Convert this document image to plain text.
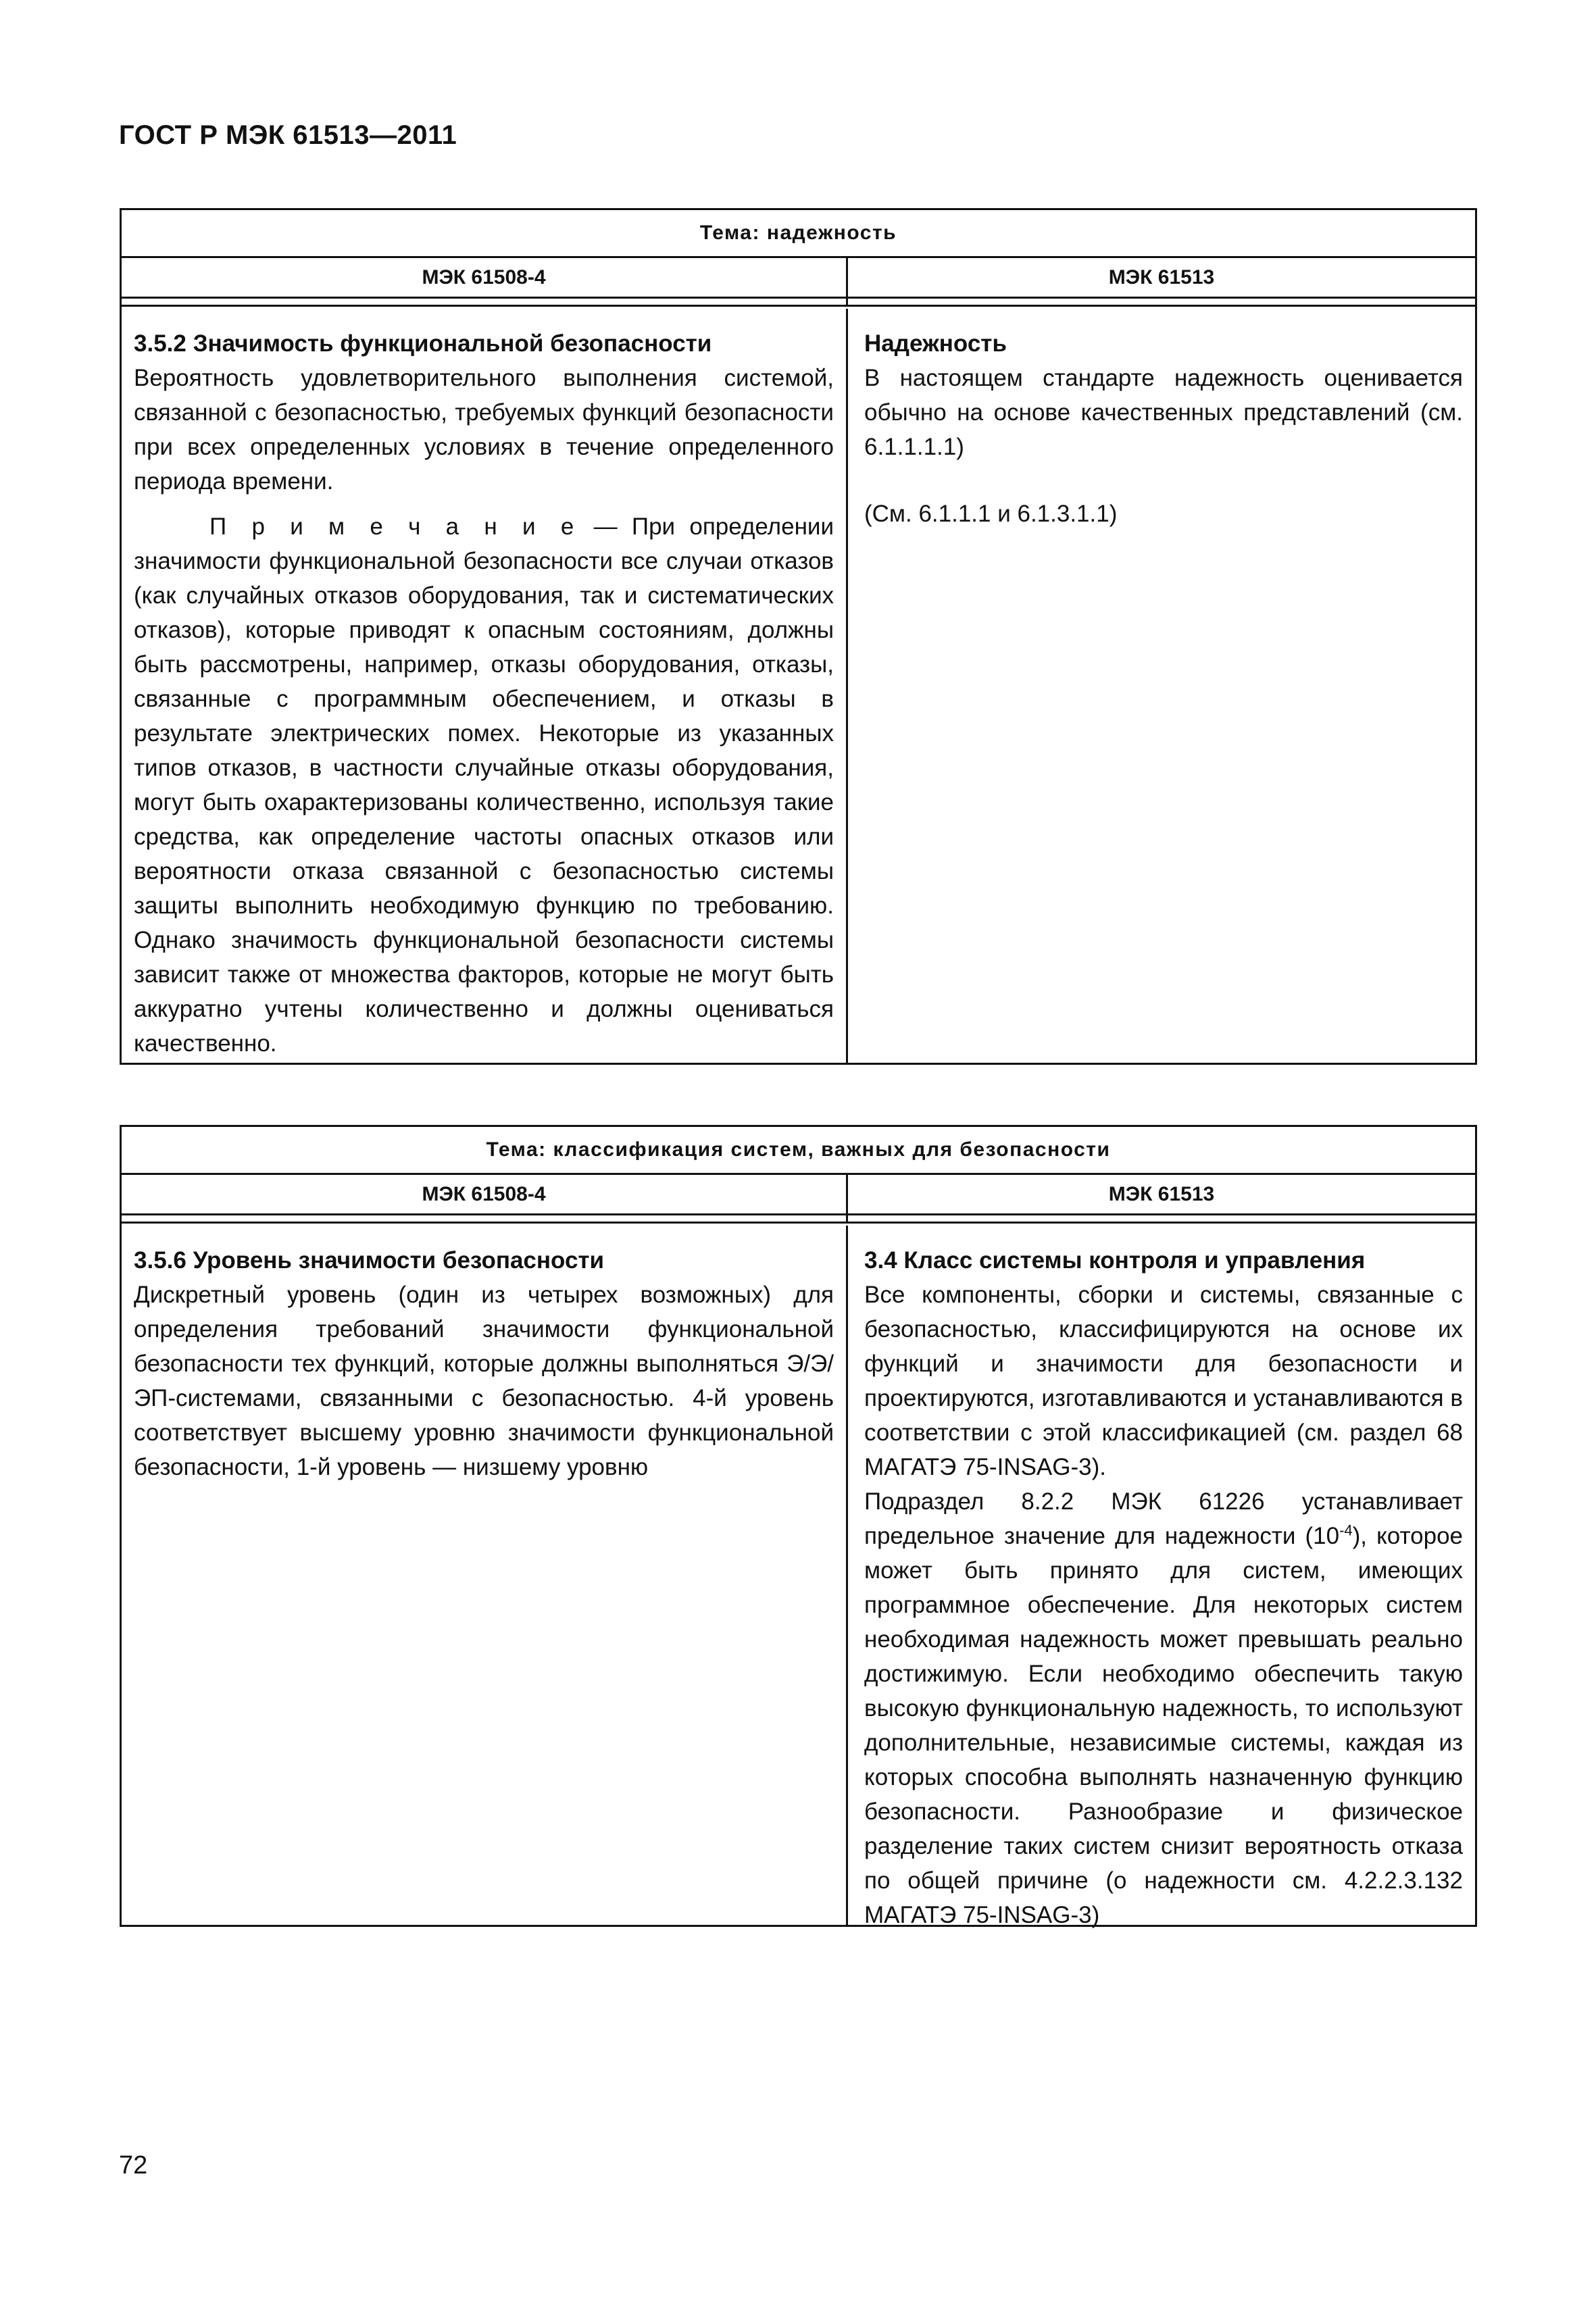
ГОСТ Р МЭК 61513—2011
Тема: надежность
МЭК 61508-4	МЭК 61513

3.5.2 Значимость функциональной безопасности

Вероятность удовлетворительного выполнения системой, связанной с безопасностью, требуемых функций безопасности при всех определенных условиях в течение определенного периода времени.

П р и м е ч а н и е — При определении значимости функциональной безопасности все случаи отказов (как случайных отказов оборудования, так и систематических отказов), которые приводят к опасным состояниям, должны быть рассмотрены, например, отказы оборудования, отказы, связанные с программным обеспечением, и отказы в результате электрических помех. Некоторые из указанных типов отказов, в частности случайные отказы оборудования, могут быть охарактеризованы количественно, используя такие средства, как определение частоты опасных отказов или вероятности отказа связанной с безопасностью системы защиты выполнить необходимую функцию по требованию. Однако значимость функциональной безопасности системы зависит также от множества факторов, которые не могут быть аккуратно учтены количественно и должны оцениваться качественно.

Надежность

В настоящем стандарте надежность оценивается обычно на основе качественных представлений (см. 6.1.1.1.1)

(См. 6.1.1.1 и 6.1.3.1.1)

Тема: классификация систем, важных для безопасности
МЭК 61508-4	МЭК 61513

3.5.6 Уровень значимости безопасности

Дискретный уровень (один из четырех возможных) для определения требований значимости функциональной безопасности тех функций, которые должны выполняться Э/Э/ЭП-системами, связанными с безопасностью. 4-й уровень соответствует высшему уровню значимости функциональной безопасности, 1-й уровень — низшему уровню

3.4 Класс системы контроля и управления

Все компоненты, сборки и системы, связанные с безопасностью, классифицируются на основе их функций и значимости для безопасности и проектируются, изготавливаются и устанавливаются в соответствии с этой классификацией (см. раздел 68 МАГАТЭ 75-INSAG-3).

Подраздел 8.2.2 МЭК 61226 устанавливает предельное значение для надежности $(10^{-4})$, которое может быть принято для систем, имеющих программное обеспечение. Для некоторых систем необходимая надежность может превышать реально достижимую. Если необходимо обеспечить такую высокую функциональную надежность, то используют дополнительные, независимые системы, каждая из которых способна выполнять назначенную функцию безопасности. Разнообразие и физическое разделение таких систем снизит вероятность отказа по общей причине (о надежности см. 4.2.2.3.132 МАГАТЭ 75-INSAG-3)

72
